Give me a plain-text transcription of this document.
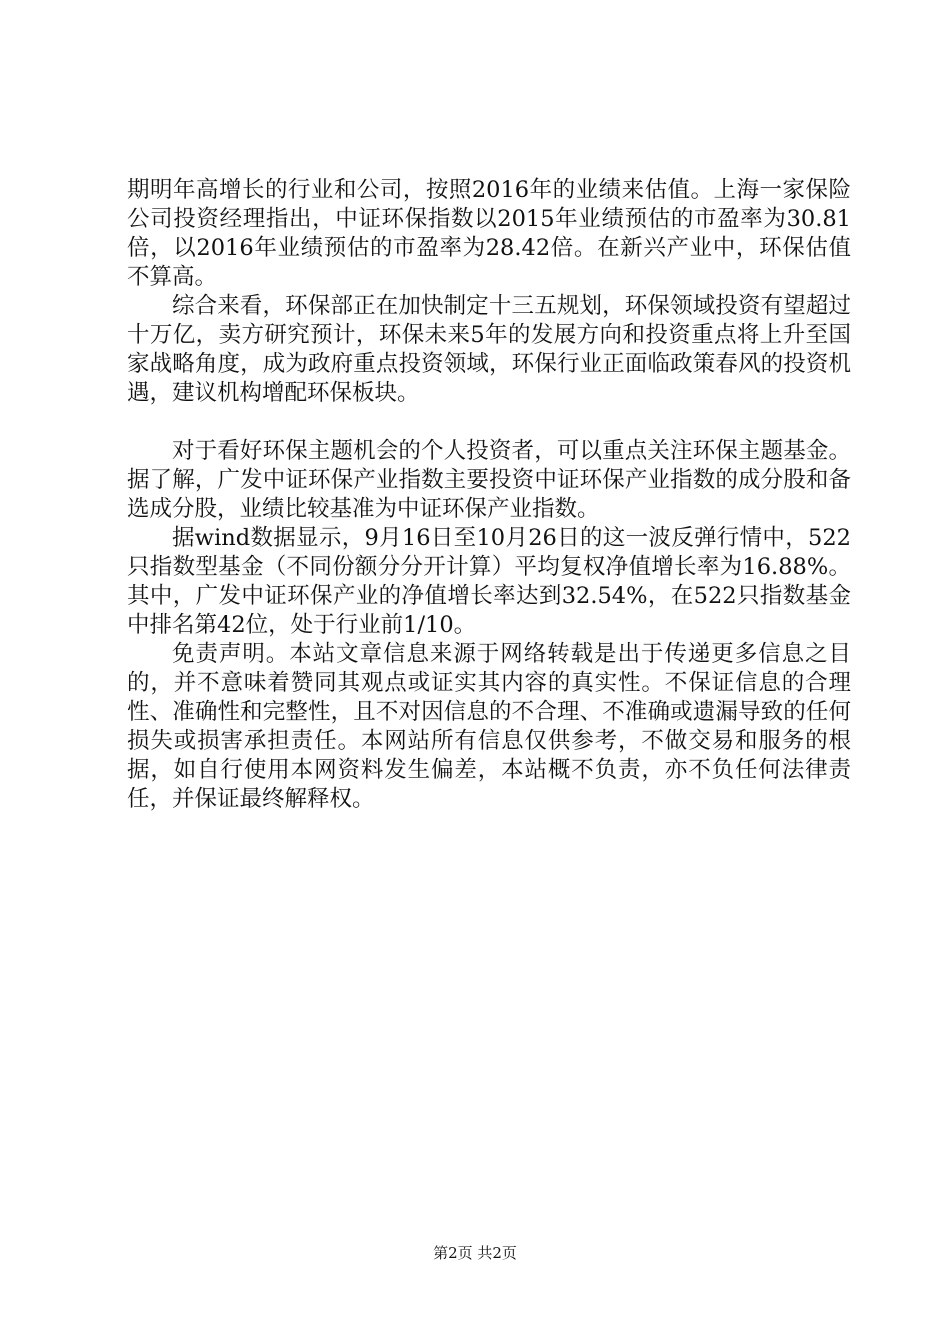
期明年高增长的行业和公司，按照2016年的业绩来估值。上海一家保险公司投资经理指出，中证环保指数以2015年业绩预估的市盈率为30.81倍，以2016年业绩预估的市盈率为28.42倍。在新兴产业中，环保估值不算高。

综合来看，环保部正在加快制定十三五规划，环保领域投资有望超过十万亿，卖方研究预计，环保未来5年的发展方向和投资重点将上升至国家战略角度，成为政府重点投资领域，环保行业正面临政策春风的投资机遇，建议机构增配环保板块。

对于看好环保主题机会的个人投资者，可以重点关注环保主题基金。据了解，广发中证环保产业指数主要投资中证环保产业指数的成分股和备选成分股，业绩比较基准为中证环保产业指数。

据wind数据显示，9月16日至10月26日的这一波反弹行情中，522只指数型基金（不同份额分分开计算）平均复权净值增长率为16.88%。其中，广发中证环保产业的净值增长率达到32.54%，在522只指数基金中排名第42位，处于行业前1/10。

免责声明。本站文章信息来源于网络转载是出于传递更多信息之目的，并不意味着赞同其观点或证实其内容的真实性。不保证信息的合理性、准确性和完整性，且不对因信息的不合理、不准确或遗漏导致的任何损失或损害承担责任。本网站所有信息仅供参考，不做交易和服务的根据，如自行使用本网资料发生偏差，本站概不负责，亦不负任何法律责任，并保证最终解释权。

第2页 共2页
